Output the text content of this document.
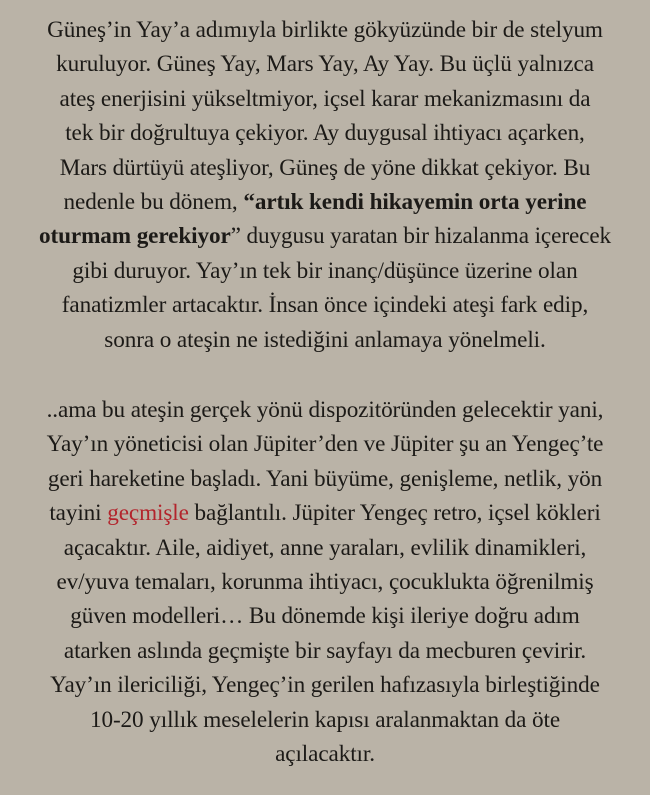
Güneş’in Yay’a adımıyla birlikte gökyüzünde bir de stelyum
kuruluyor. Güneş Yay, Mars Yay, Ay Yay. Bu üçlü yalnızca
ateş enerjisini yükseltmiyor, içsel karar mekanizmasını da
tek bir doğrultuya çekiyor. Ay duygusal ihtiyacı açarken,
Mars dürtüyü ateşliyor, Güneş de yöne dikkat çekiyor. Bu
nedenle bu dönem, “artık kendi hikayemin orta yerine
oturmam gerekiyor” duygusu yaratan bir hizalanma içerecek
gibi duruyor. Yay’ın tek bir inanç/düşünce üzerine olan
fanatizmler artacaktır. İnsan önce içindeki ateşi fark edip,
sonra o ateşin ne istediğini anlamaya yönelmeli.
..ama bu ateşin gerçek yönü dispozitöründen gelecektir yani,
Yay’ın yöneticisi olan Jüpiter’den ve Jüpiter şu an Yengeç’te
geri hareketine başladı. Yani büyüme, genişleme, netlik, yön
tayini geçmişle bağlantılı. Jüpiter Yengeç retro, içsel kökleri
açacaktır. Aile, aidiyet, anne yaraları, evlilik dinamikleri,
ev/yuva temaları, korunma ihtiyacı, çocuklukta öğrenilmiş
güven modelleri… Bu dönemde kişi ileriye doğru adım
atarken aslında geçmişte bir sayfayı da mecburen çevirir.
Yay’ın ilericiliği, Yengeç’in gerilen hafızasıyla birleştiğinde
10-20 yıllık meselelerin kapısı aralanmaktan da öte
açılacaktır.
